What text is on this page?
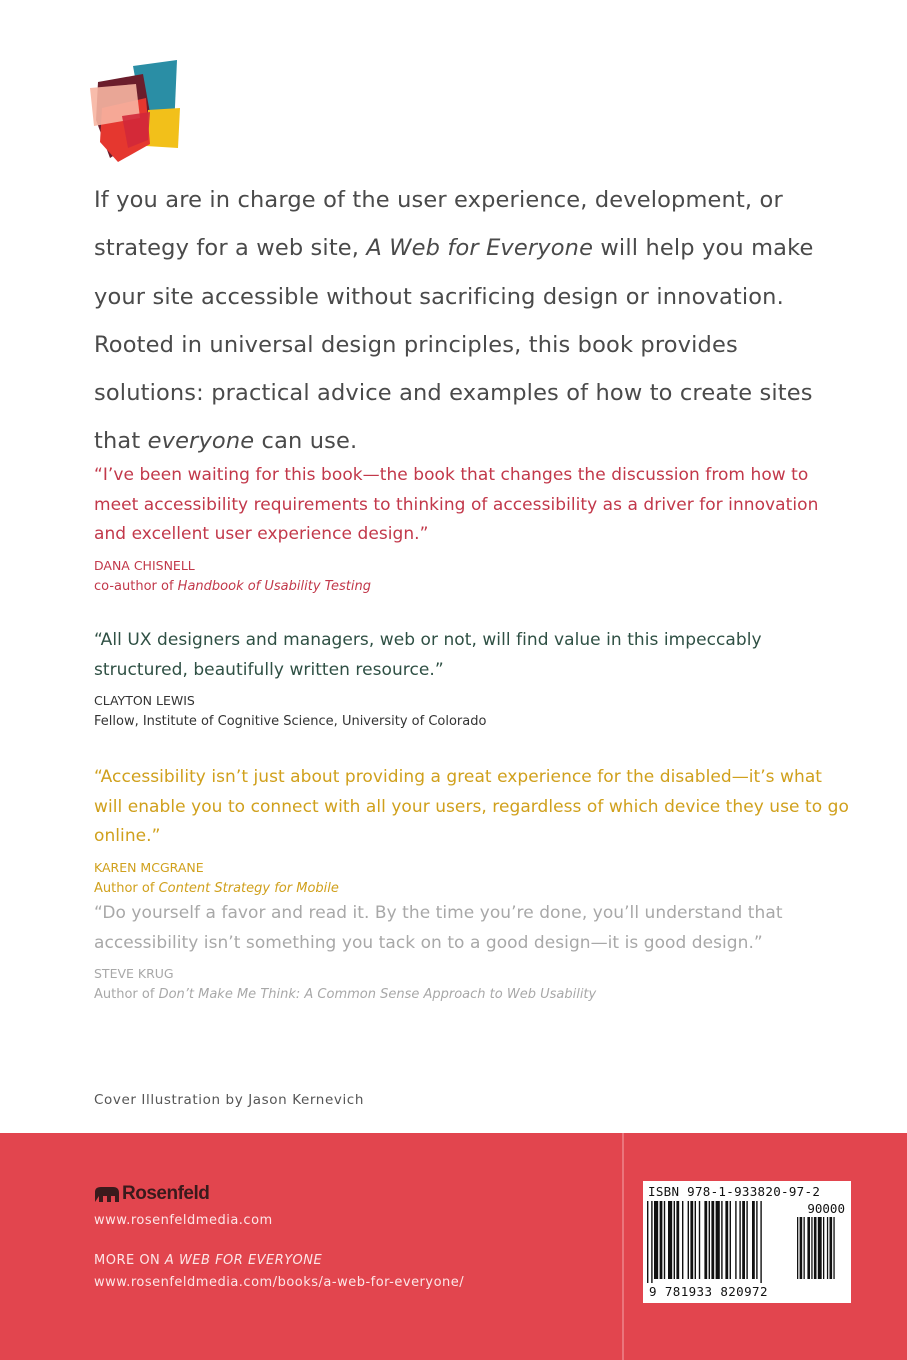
If you are in charge of the user experience, development, or strategy for a web site, A Web for Everyone will help you make your site accessible without sacrificing design or innovation. Rooted in universal design principles, this book provides solutions: practical advice and examples of how to create sites that everyone can use.

“I’ve been waiting for this book—the book that changes the discussion from how to meet accessibility requirements to thinking of accessibility as a driver for innovation and excellent user experience design.”

DANA CHISNELL

co-author of Handbook of Usability Testing

“All UX designers and managers, web or not, will find value in this impeccably structured, beautifully written resource.”

CLAYTON LEWIS

Fellow, Institute of Cognitive Science, University of Colorado

“Accessibility isn’t just about providing a great experience for the disabled—it’s what will enable you to connect with all your users, regardless of which device they use to go online.”

KAREN MCGRANE

Author of Content Strategy for Mobile

“Do yourself a favor and read it. By the time you’re done, you’ll understand that accessibility isn’t something you tack on to a good design—it is good design.”

STEVE KRUG

Author of Don’t Make Me Think: A Common Sense Approach to Web Usability

Cover Illustration by Jason Kernevich

Rosenfeld

www.rosenfeldmedia.com

MORE ON A WEB FOR EVERYONE

www.rosenfeldmedia.com/books/a-web-for-everyone/

ISBN 978-1-933820-97-2

90000

9 781933 820972
